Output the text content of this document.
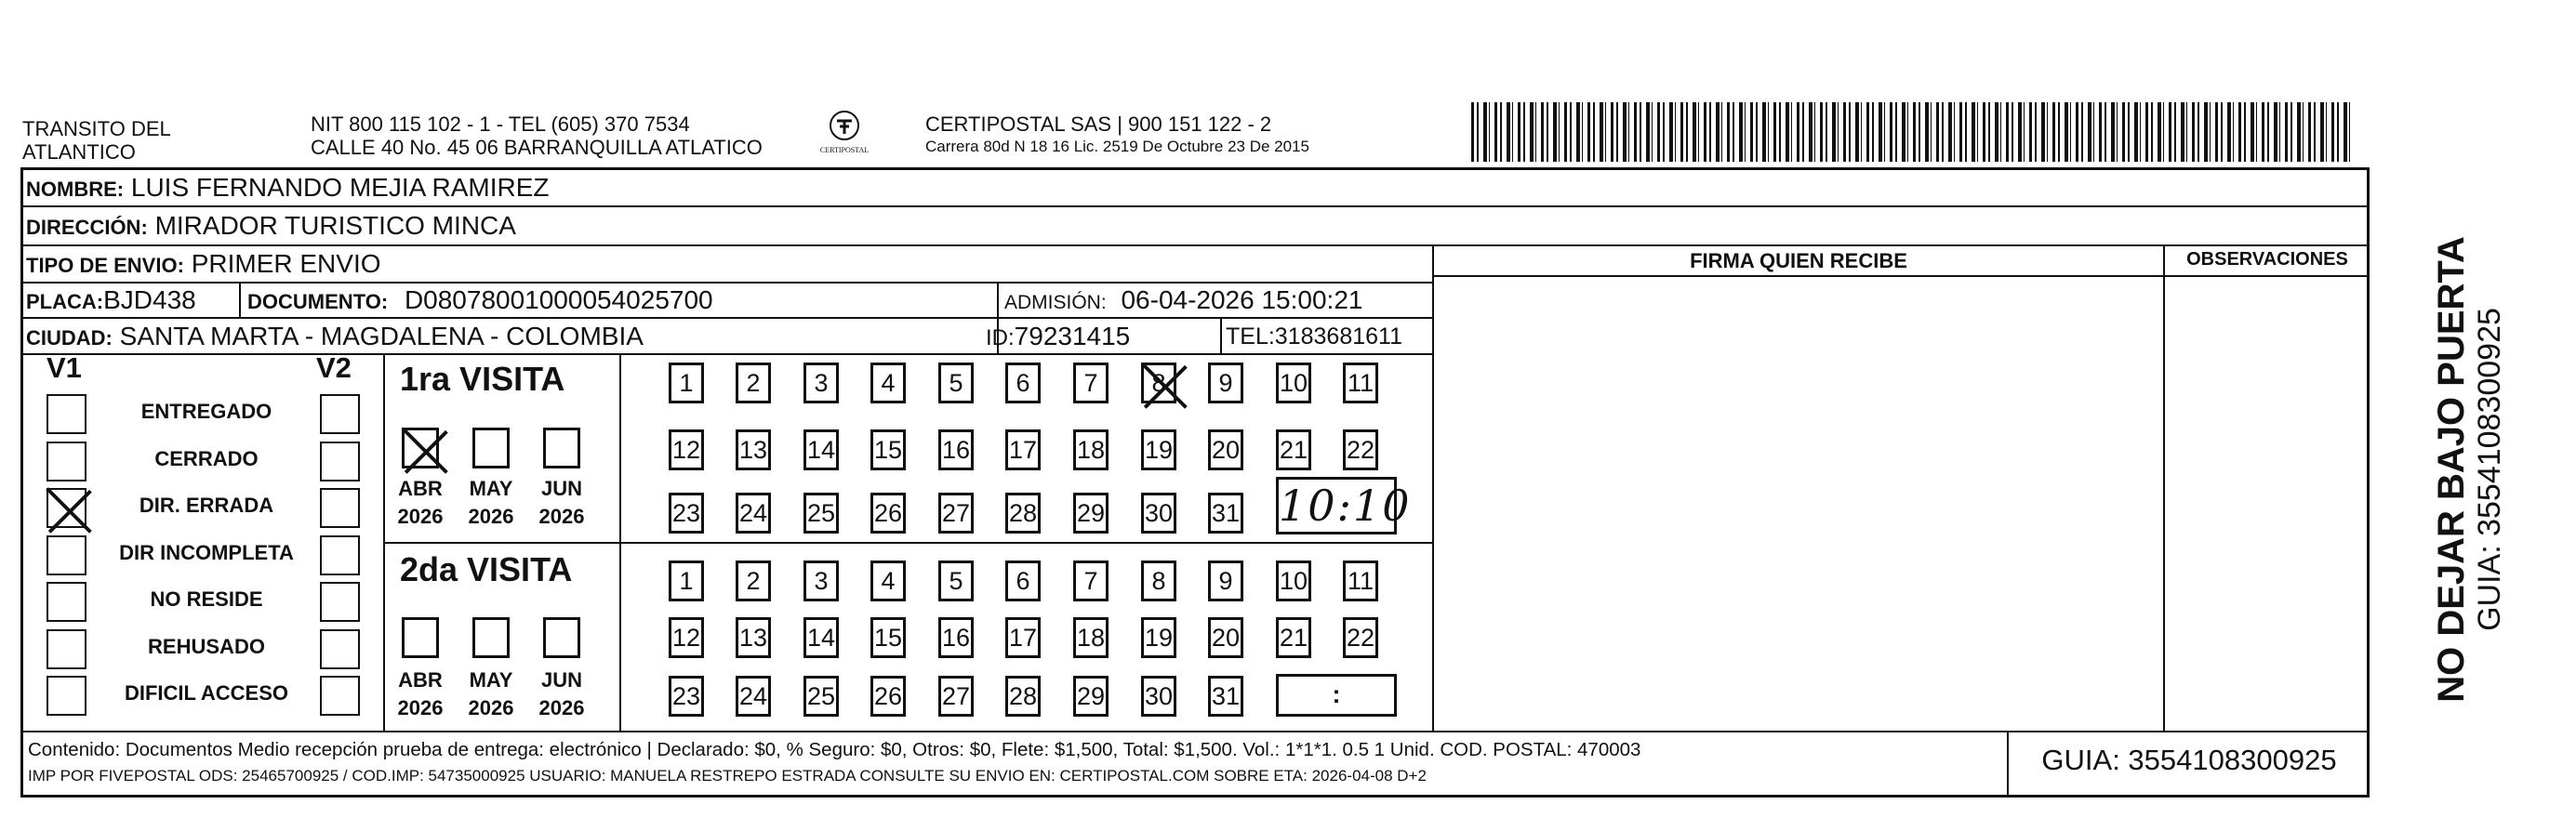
TRANSITO DEL
ATLANTICO
NIT 800 115 102 - 1 - TEL (605) 370 7534
CALLE 40 No. 45 06 BARRANQUILLA ATLATICO	CERTIPOSTAL
CERTIPOSTAL SAS | 900 151 122 - 2
Carrera 80d N 18 16 Lic. 2519 De Octubre 23 De 2015
NOMBRE: LUIS FERNANDO MEJIA RAMIREZ
DIRECCIÓN: MIRADOR TURISTICO MINCA
TIPO DE ENVIO: PRIMER ENVIO
PLACA:BJD438	DOCUMENTO: D08078001000054025700	ADMISIÓN: 06-04-2026 15:00:21
CIUDAD: SANTA MARTA - MAGDALENA - COLOMBIA	ID:79231415	TEL:3183681611
FIRMA QUIEN RECIBE	OBSERVACIONES
V1	V2
ENTREGADO
CERRADO
DIR. ERRADA
DIR INCOMPLETA
NO RESIDE
REHUSADO
DIFICIL ACCESO
1ra VISITA
2da VISITA
1	2	3	4	5	6	7	8	9	10 11
12 13 14 15 16 17 18 19 20 21 22
23 24 25 26 27 28 29 30 31
1	2	3	4	5	6	7	8	9	10 11
12 13 14 15 16 17 18 19 20 21 22
23 24 25 26 27 28 29 30 31
ABR
2026
MAY
2026
JUN
2026
ABR
2026
MAY
2026
JUN
2026
10:10
:
Contenido: Documentos Medio recepción prueba de entrega: electrónico | Declarado: $0, % Seguro: $0, Otros: $0, Flete: $1,500, Total: $1,500. Vol.: 1*1*1. 0.5 1 Unid. COD. POSTAL: 470003
IMP POR FIVEPOSTAL ODS: 25465700925 / COD.IMP: 54735000925 USUARIO: MANUELA RESTREPO ESTRADA CONSULTE SU ENVIO EN: CERTIPOSTAL.COM SOBRE ETA: 2026-04-08 D+2	GUIA: 3554108300925
NO DEJAR BAJO PUERTA GUIA: 3554108300925
